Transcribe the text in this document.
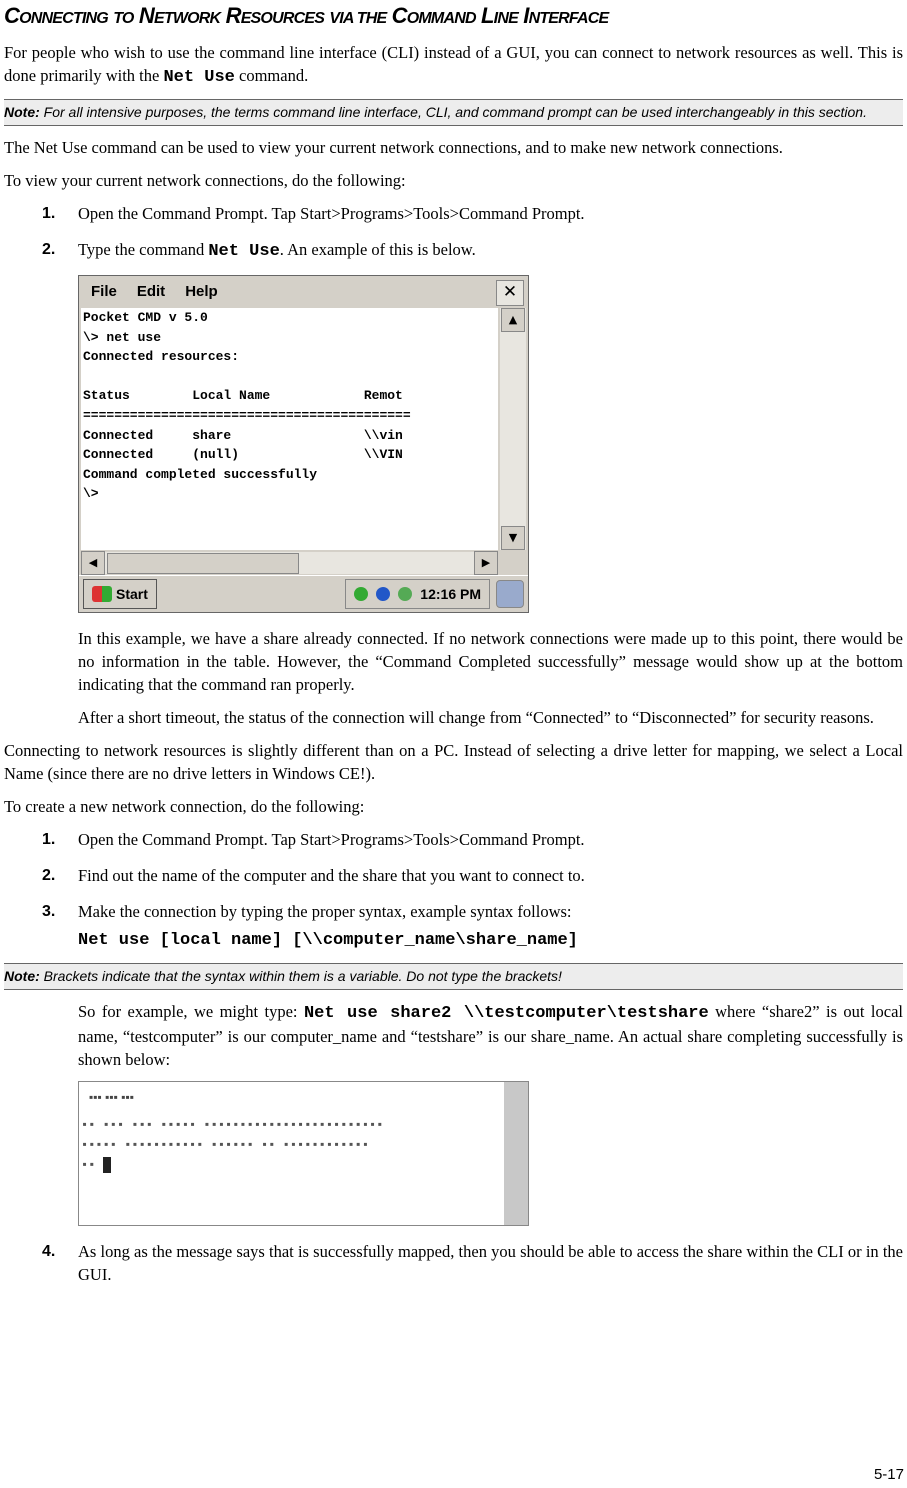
CONNECTING TO NETWORK RESOURCES VIA THE COMMAND LINE INTERFACE

For people who wish to use the command line interface (CLI) instead of a GUI, you can connect to network resources as well. This is done primarily with the Net Use command.

Note: For all intensive purposes, the terms command line interface, CLI, and command prompt can be used interchangeably in this section.

The Net Use command can be used to view your current network connections, and to make new network connections.

To view your current network connections, do the following:

1.	Open the Command Prompt. Tap Start>Programs>Tools>Command Prompt.
2.	Type the command Net Use. An example of this is below.
File Edit Help	✕
Pocket CMD v 5.0
\> net use
Connected resources:

Status        Local Name            Remot
==========================================
Connected     share                 \\vin
Connected     (null)                \\VIN
Command completed successfully
\>
▲
▼
◀	▶
Start	12:16 PM

In this example, we have a share already connected. If no network connections were made up to this point, there would be no information in the table. However, the “Command Completed successfully” message would show up at the bottom indicating that the command ran properly.

After a short timeout, the status of the connection will change from “Connected” to “Disconnected” for security reasons.

Connecting to network resources is slightly different than on a PC. Instead of selecting a drive letter for mapping, we select a Local Name (since there are no drive letters in Windows CE!).

To create a new network connection, do the following:

1.	Open the Command Prompt. Tap Start>Programs>Tools>Command Prompt.
2.	Find out the name of the computer and the share that you want to connect to.
3.	Make the connection by typing the proper syntax, example syntax follows:
Net use [local name] [\\computer_name\share_name]
Note: Brackets indicate that the syntax within them is a variable. Do not type the brackets!

So for example, we might type: Net use share2 \\testcomputer\testshare where “share2” is out local name, “testcomputer” is our computer_name and “testshare” is our share_name. An actual share completing successfully is shown below:

▪▪▪ ▪▪▪ ▪▪▪
▪▪ ▪▪▪ ▪▪▪ ▪▪▪▪▪ ▪▪▪▪▪▪▪▪▪▪▪▪▪▪▪▪▪▪▪▪▪▪▪▪▪
▪▪▪▪▪ ▪▪▪▪▪▪▪▪▪▪▪ ▪▪▪▪▪▪ ▪▪ ▪▪▪▪▪▪▪▪▪▪▪▪
▪▪
4.	As long as the message says that is successfully mapped, then you should be able to access the share within the CLI or in the GUI.
5-17
